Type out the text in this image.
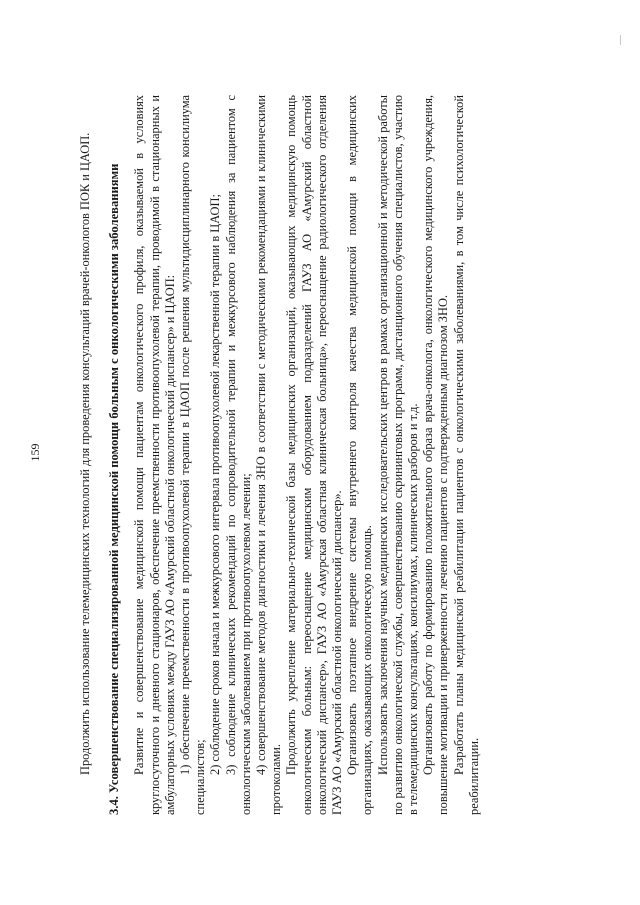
159	Продолжить использование телемедицинских технологий для проведения консультаций врачей-онкологов ПОК и ЦАОП. 3.4. Усовершенствование специализированной медицинской помощи больным с онкологическими заболеваниями Развитие и совершенствование медицинской помощи пациентам онкологического профиля, оказываемой в условиях круглосуточного и дневного стационаров, обеспечение преемственности противоопухолевой терапии, проводимой в стационарных и амбулаторных условиях между ГАУЗ АО «Амурский областной онкологический диспансер» и ЦАОП: 1) обеспечение преемственности в противоопухолевой терапии в ЦАОП после решения мультидисциплинарного консилиума специалистов;

2) соблюдение сроков начала и межкурсового интервала противоопухолевой лекарственной терапии в ЦАОП; 3) соблюдение клинических рекомендаций по сопроводительной терапии и межкурсового наблюдения за пациентом с онкологическим заболеванием при противоопухолевом лечении; 4) совершенствование методов диагностики и лечения ЗНО в соответствии с методическими рекомендациями и клиническими протоколами.

Продолжить укрепление материально-технической базы медицинских организаций, оказывающих медицинскую помощь онкологическим больным: переоснащение медицинским оборудованием подразделений ГАУЗ АО «Амурский областной онкологический диспансер», ГАУЗ АО «Амурская областная клиническая больница», переоснащение радиологического отделения ГАУЗ АО «Амурский областной онкологический диспансер». Организовать поэтапное внедрение системы внутреннего контроля качества медицинской помощи в медицинских организациях, оказывающих онкологическую помощь. Использовать заключения научных медицинских исследовательских центров в рамках организационной и методической работы по развитию онкологической службы, совершенствованию скрининговых программ, дистанционного обучения специалистов, участию в телемедицинских консультациях, консилиумах, клинических разборов и т.д. Организовать работу по формированию положительного образа врача-онколога, онкологического медицинского учреждения, повышение мотивации и приверженности лечению пациентов с подтвержденным диагнозом ЗНО. Разработать планы медицинской реабилитации пациентов с онкологическими заболеваниями, в том числе психологической реабилитации.
